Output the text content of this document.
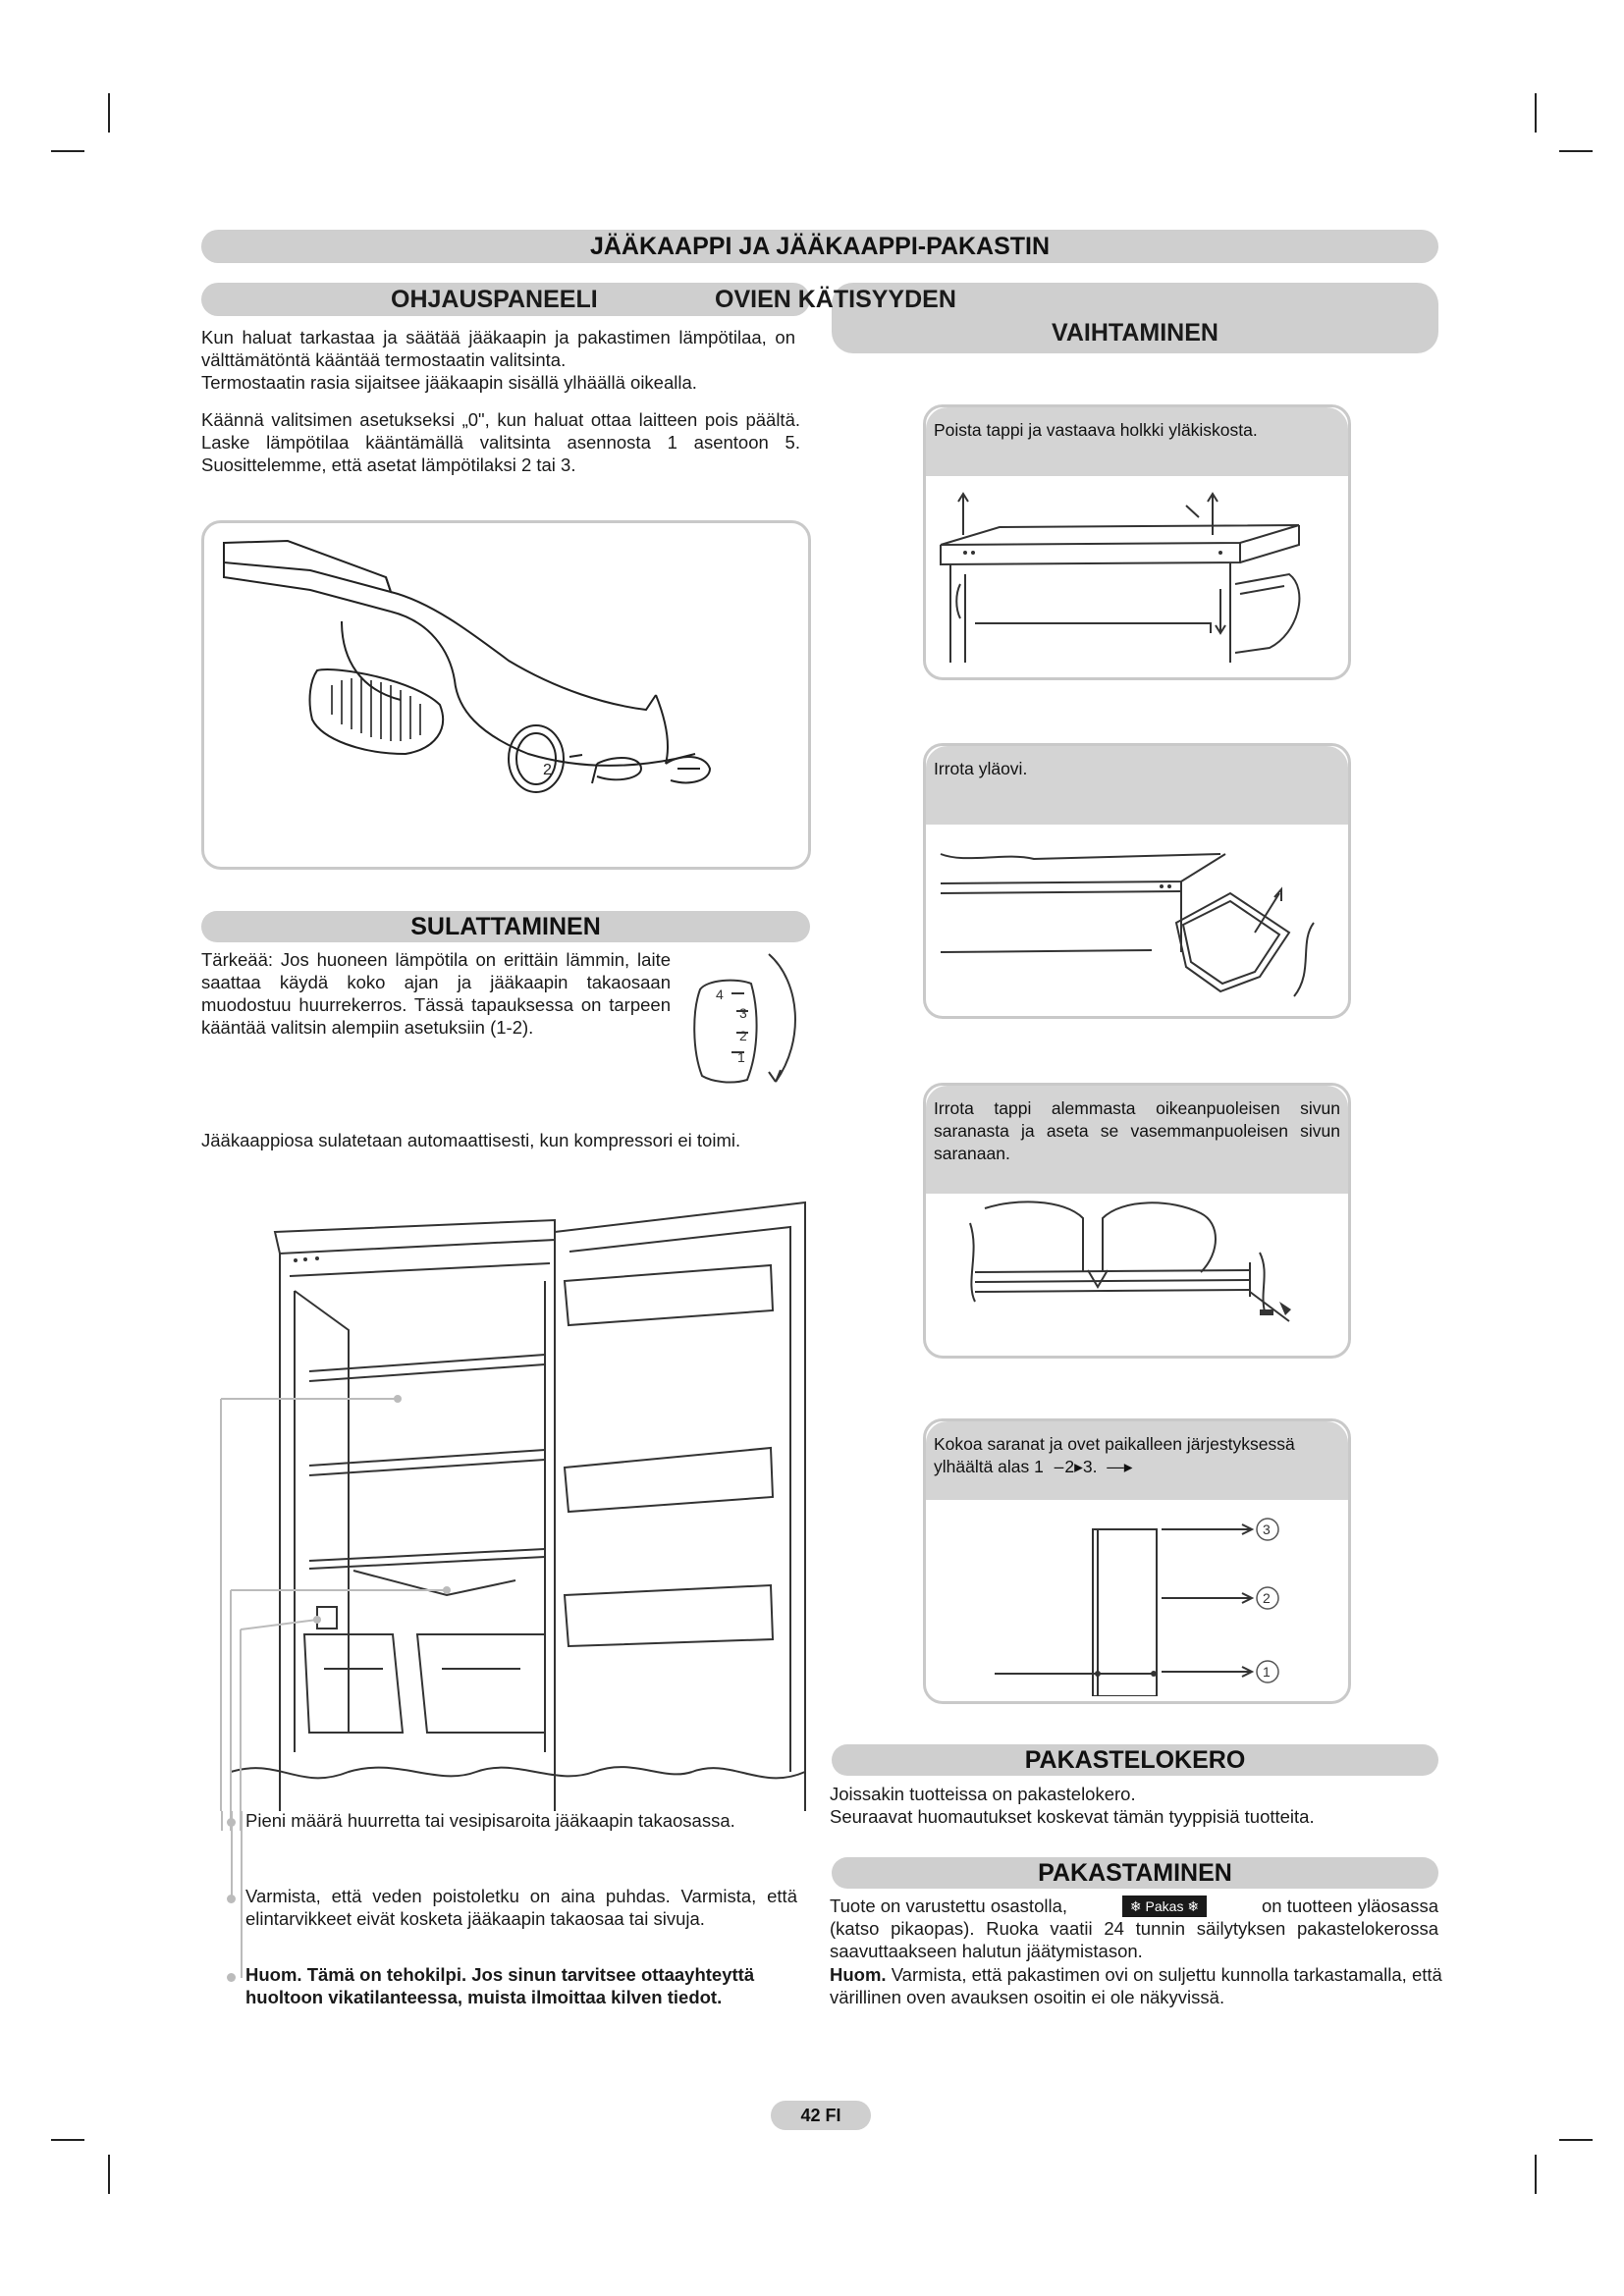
JÄÄKAAPPI JA JÄÄKAAPPI-PAKASTIN
OHJAUSPANEELI	OVIEN KÄTISYYDEN
VAIHTAMINEN
Kun haluat tarkastaa ja säätää jääkaapin ja pakastimen lämpötilaa, on välttämätöntä kääntää termostaatin valitsinta.
Termostaatin rasia sijaitsee jääkaapin sisällä ylhäällä oikealla.
Käännä valitsimen asetukseksi „0", kun haluat ottaa laitteen pois päältä. Laske lämpötilaa kääntämällä valitsinta asennosta 1 asentoon 5. Suosittelemme, että asetat lämpötilaksi 2 tai 3.
2
SULATTAMINEN
Tärkeää: Jos huoneen lämpötila on erittäin lämmin, laite saattaa käydä koko ajan ja jääkaapin takaosaan muodostuu huurrekerros. Tässä tapauksessa on tarpeen kääntää valitsin alempiin asetuksiin (1-2).
4
3
2
1
Jääkaappiosa sulatetaan automaattisesti, kun kompressori ei toimi.
Pieni määrä huurretta tai vesipisaroita jääkaapin takaosassa.
Varmista, että veden poistoletku on aina puhdas. Varmista, että elintarvikkeet eivät kosketa jääkaapin takaosaa tai sivuja.
Huom. Tämä on tehokilpi. Jos sinun tarvitsee ottaayhteyttä huoltoon vikatilanteessa, muista ilmoittaa kilven tiedot.
Poista tappi ja vastaava holkki yläkiskosta.
Irrota yläovi.
Irrota tappi alemmasta oikeanpuoleisen sivun saranasta ja aseta se vasemmanpuoleisen sivun saranaan.
Kokoa saranat ja ovet paikalleen järjestyksessä
ylhäältä alas 1  –2▸3.  —▸
3
2
1
PAKASTELOKERO
Joissakin tuotteissa on pakastelokero.
Seuraavat huomautukset koskevat tämän tyyppisiä tuotteita.
PAKASTAMINEN
Tuote on varustettu osastolla,	❄ Pakas ❄	on tuotteen yläosassa
(katso pikaopas). Ruoka vaatii 24 tunnin säilytyksen pakastelokerossa saavuttaakseen halutun jäätymistason.
Huom. Varmista, että pakastimen ovi on suljettu kunnolla tarkastamalla, että värillinen oven avauksen osoitin ei ole näkyvissä.
42 FI
